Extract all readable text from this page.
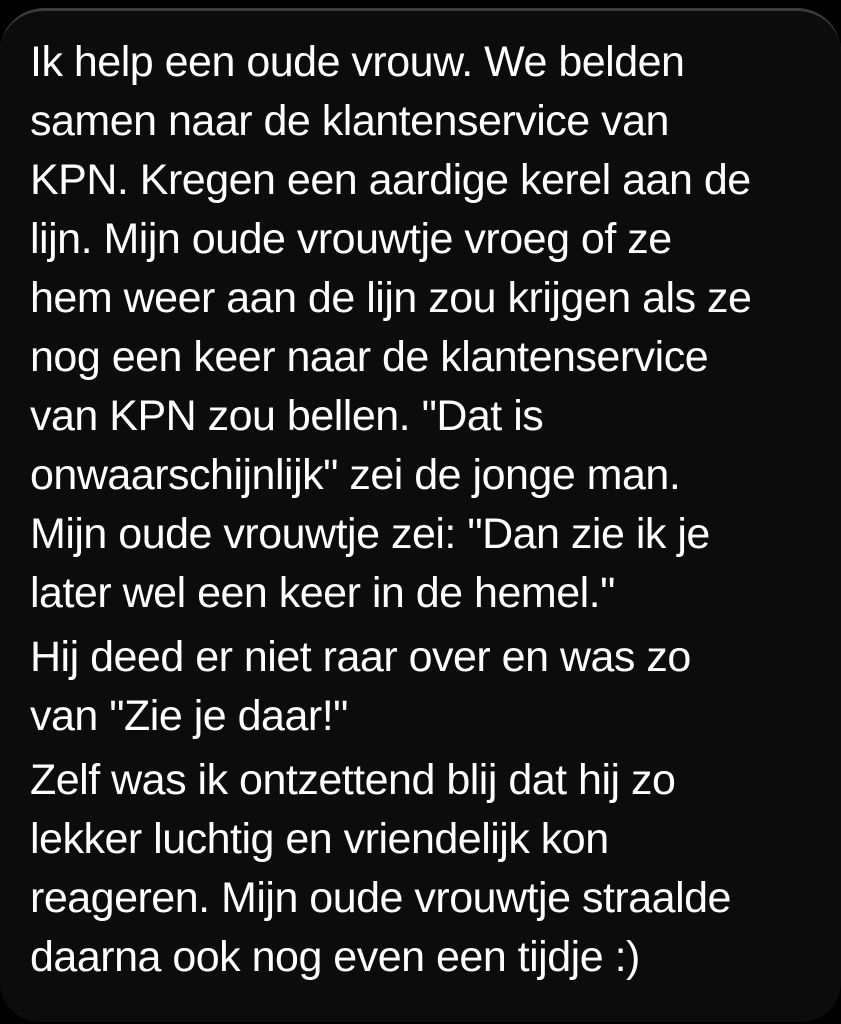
Ik help een oude vrouw. We belden
samen naar de klantenservice van
KPN. Kregen een aardige kerel aan de
lijn. Mijn oude vrouwtje vroeg of ze
hem weer aan de lijn zou krijgen als ze
nog een keer naar de klantenservice
van KPN zou bellen. "Dat is
onwaarschijnlijk" zei de jonge man.
Mijn oude vrouwtje zei: "Dan zie ik je
later wel een keer in de hemel."
Hij deed er niet raar over en was zo
van "Zie je daar!"
Zelf was ik ontzettend blij dat hij zo
lekker luchtig en vriendelijk kon
reageren. Mijn oude vrouwtje straalde
daarna ook nog even een tijdje :)
